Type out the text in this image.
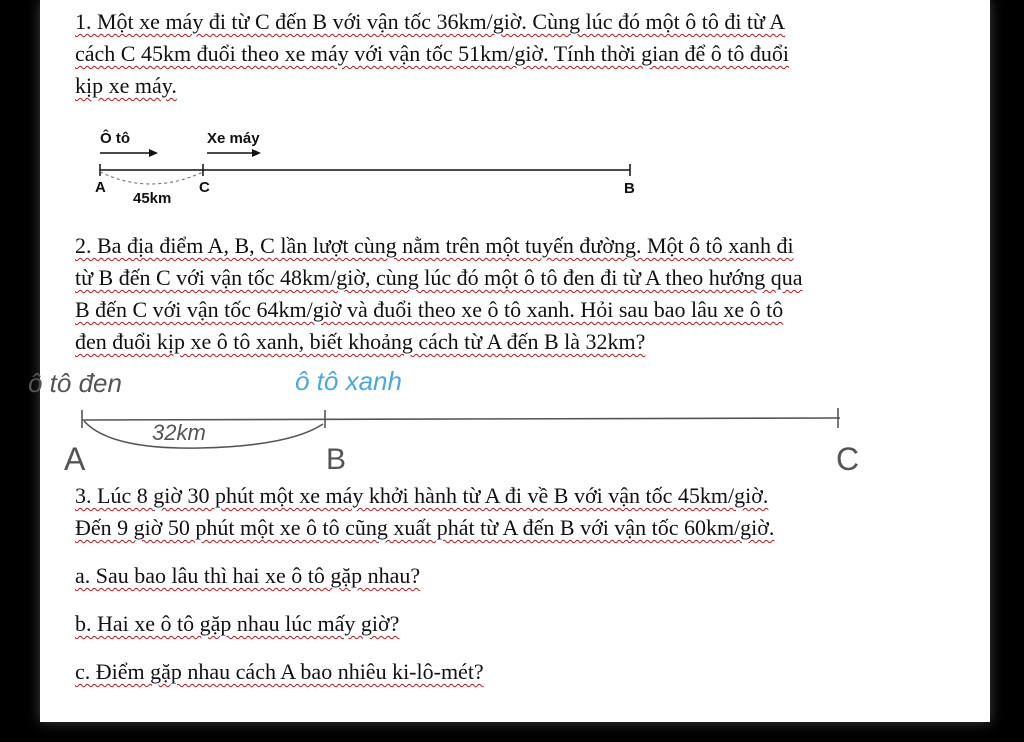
1. Một xe máy đi từ C đến B với vận tốc 36km/giờ. Cùng lúc đó một ô tô đi từ A
cách C 45km đuổi theo xe máy với vận tốc 51km/giờ. Tính thời gian để ô tô đuổi
kịp xe máy.
Ô tô	Xe máy
A	C	B
45km
2. Ba địa điểm A, B, C lần lượt cùng nằm trên một tuyến đường. Một ô tô xanh đi
từ B đến C với vận tốc 48km/giờ, cùng lúc đó một ô tô đen đi từ A theo hướng qua
B đến C với vận tốc 64km/giờ và đuổi theo xe ô tô xanh. Hỏi sau bao lâu xe ô tô
đen đuổi kịp xe ô tô xanh, biết khoảng cách từ A đến B là 32km?
ô tô đen	ô tô xanh
32km
A	B	C
3. Lúc 8 giờ 30 phút một xe máy khởi hành từ A đi về B với vận tốc 45km/giờ.
Đến 9 giờ 50 phút một xe ô tô cũng xuất phát từ A đến B với vận tốc 60km/giờ.
a. Sau bao lâu thì hai xe ô tô gặp nhau?
b. Hai xe ô tô gặp nhau lúc mấy giờ?
c. Điểm gặp nhau cách A bao nhiêu ki-lô-mét?
